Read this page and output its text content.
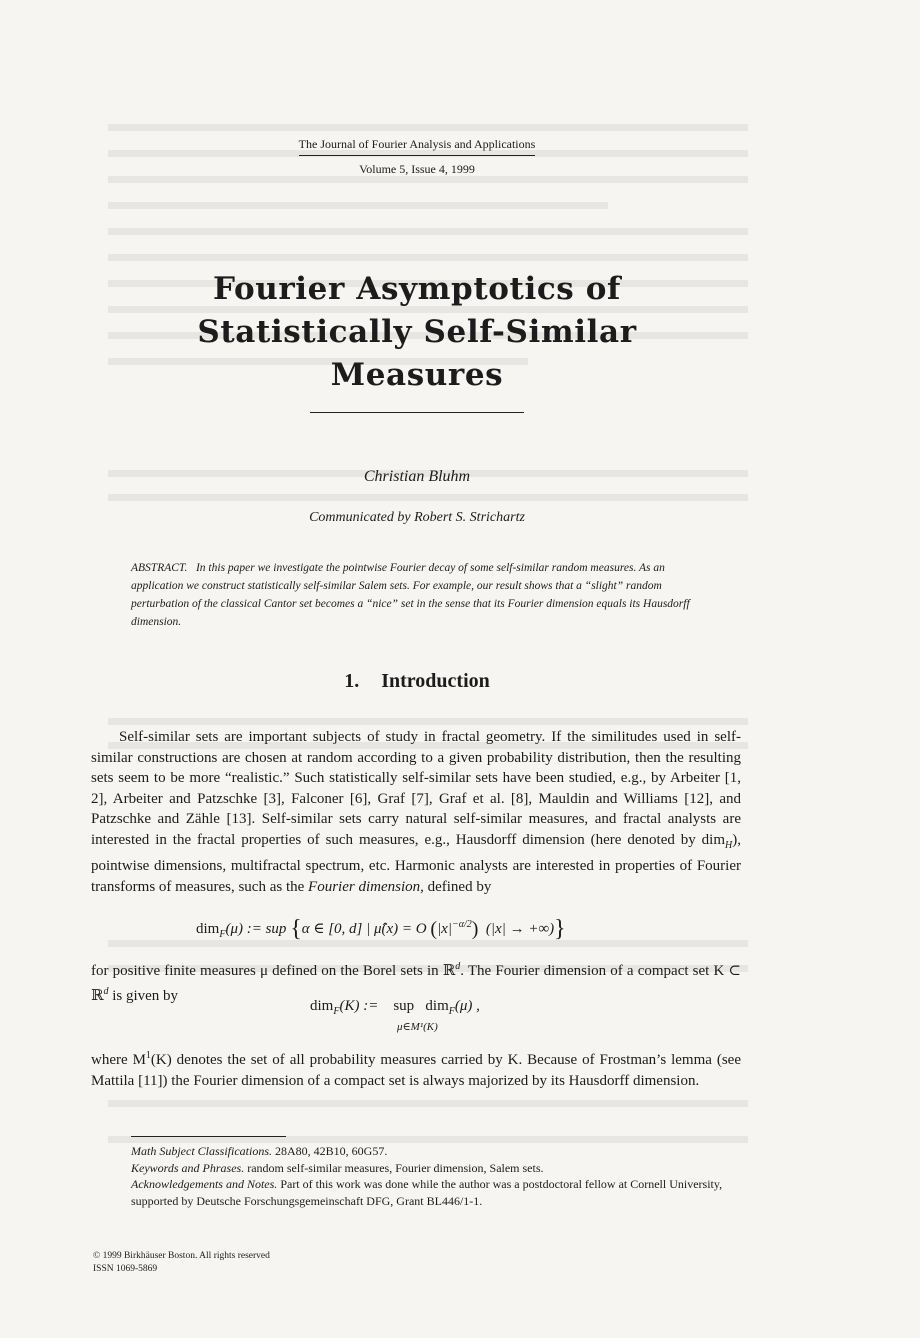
The Journal of Fourier Analysis and Applications
Volume 5, Issue 4, 1999
Fourier Asymptotics of
Statistically Self-Similar
Measures
Christian Bluhm
Communicated by Robert S. Strichartz

ABSTRACT. In this paper we investigate the pointwise Fourier decay of some self-similar random measures. As an application we construct statistically self-similar Salem sets. For example, our result shows that a “slight” random perturbation of the classical Cantor set becomes a “nice” set in the sense that its Fourier dimension equals its Hausdorff dimension.

1. Introduction

Self-similar sets are important subjects of study in fractal geometry. If the similitudes used in self-similar constructions are chosen at random according to a given probability distribution, then the resulting sets seem to be more “realistic.” Such statistically self-similar sets have been studied, e.g., by Arbeiter [1, 2], Arbeiter and Patzschke [3], Falconer [6], Graf [7], Graf et al. [8], Mauldin and Williams [12], and Patzschke and Zähle [13]. Self-similar sets carry natural self-similar measures, and fractal analysts are interested in the fractal properties of such measures, e.g., Hausdorff dimension (here denoted by dim$_H$), pointwise dimensions, multifractal spectrum, etc. Harmonic analysts are interested in properties of Fourier transforms of measures, such as the Fourier dimension, defined by

dim$_F$(μ) := sup {α ∈ [0, d] | μ̂(x) = O $(|x|^{-\alpha/2}) (|x|$ → +∞)}

for positive finite measures μ defined on the Borel sets in ℝ$^d$. The Fourier dimension of a compact set K ⊂ ℝ$^d$ is given by

dim$_F$(K) := sup dim$_F$(μ) ,
μ∈M¹(K)

where $M^1(K)$ denotes the set of all probability measures carried by K. Because of Frostman’s lemma (see Mattila [11]) the Fourier dimension of a compact set is always majorized by its Hausdorff dimension.

Math Subject Classifications. 28A80, 42B10, 60G57.

Keywords and Phrases. random self-similar measures, Fourier dimension, Salem sets.

Acknowledgements and Notes. Part of this work was done while the author was a postdoctoral fellow at Cornell University, supported by Deutsche Forschungsgemeinschaft DFG, Grant BL446/1-1.

© 1999 Birkhäuser Boston. All rights reserved
ISSN 1069-5869
